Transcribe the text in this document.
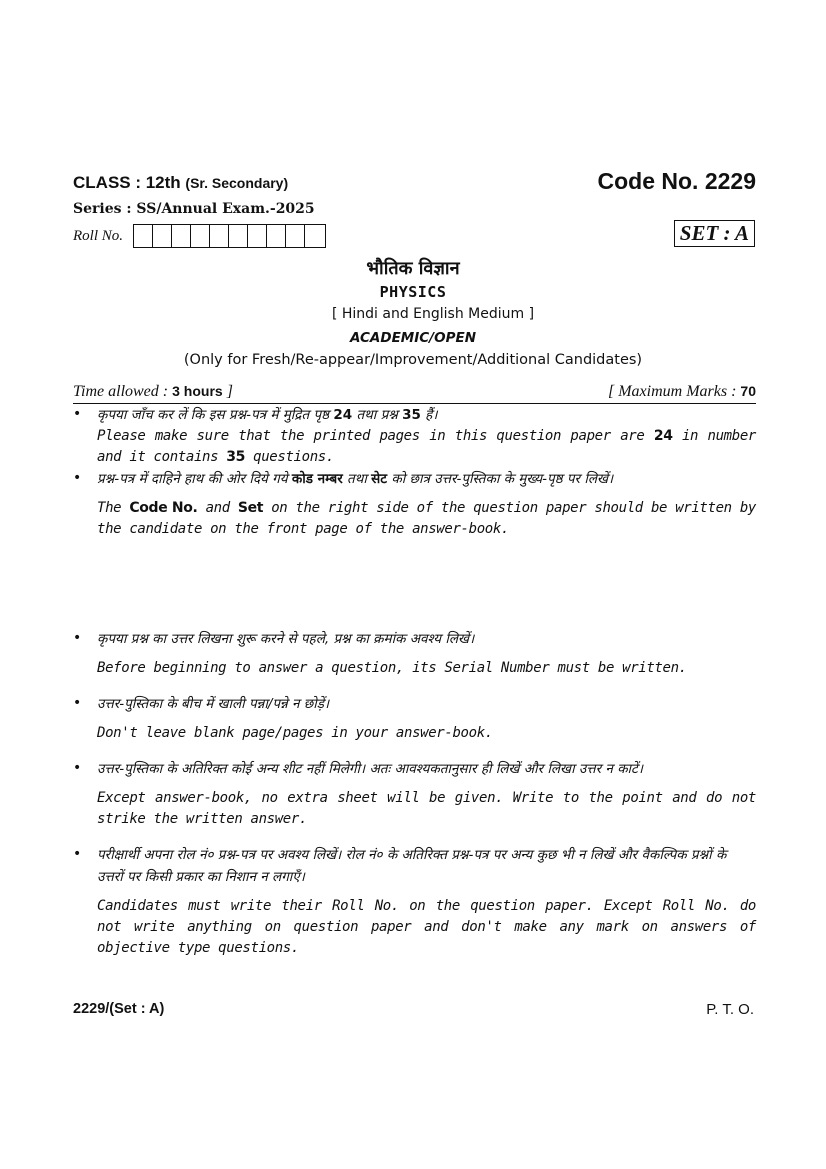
CLASS : 12th (Sr. Secondary)	Code No. 2229
Series : SS/Annual Exam.-2025
Roll No.	SET : A
भौतिक विज्ञान
PHYSICS
[ Hindi and English Medium ]
ACADEMIC/OPEN
(Only for Fresh/Re-appear/Improvement/Additional Candidates)
Time allowed : 3 hours ]	[ Maximum Marks : 70
• कृपया जाँच कर लें कि इस प्रश्न-पत्र में मुद्रित पृष्ठ 24 तथा प्रश्न 35 हैं।
Please make sure that the printed pages in this question paper are 24 in number and it contains 35 questions.
• प्रश्न-पत्र में दाहिने हाथ की ओर दिये गये कोड नम्बर तथा सेट को छात्र उत्तर-पुस्तिका के मुख्य-पृष्ठ पर लिखें।
The Code No. and Set on the right side of the question paper should be written by the candidate on the front page of the answer-book.
• कृपया प्रश्न का उत्तर लिखना शुरू करने से पहले, प्रश्न का क्रमांक अवश्य लिखें।
Before beginning to answer a question, its Serial Number must be written.
• उत्तर-पुस्तिका के बीच में खाली पन्ना/पन्ने न छोड़ें।
Don't leave blank page/pages in your answer-book.
• उत्तर-पुस्तिका के अतिरिक्त कोई अन्य शीट नहीं मिलेगी। अतः आवश्यकतानुसार ही लिखें और लिखा उत्तर न काटें।
Except answer-book, no extra sheet will be given. Write to the point and do not strike the written answer.
• परीक्षार्थी अपना रोल नं० प्रश्न-पत्र पर अवश्य लिखें। रोल नं० के अतिरिक्त प्रश्न-पत्र पर अन्य कुछ भी न लिखें और वैकल्पिक प्रश्नों के उत्तरों पर किसी प्रकार का निशान न लगाएँ।
Candidates must write their Roll No. on the question paper. Except Roll No. do not write anything on question paper and don't make any mark on answers of objective type questions.
2229/(Set : A)	P. T. O.
